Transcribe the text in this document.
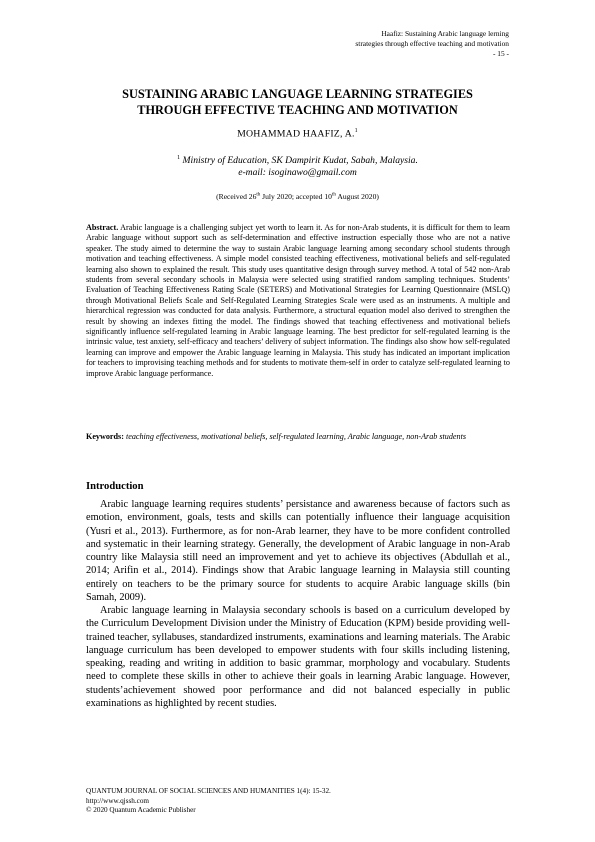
Haafiz: Sustaining Arabic language lerning
strategies through effective teaching and motivation
- 15 -
SUSTAINING ARABIC LANGUAGE LEARNING STRATEGIES
THROUGH EFFECTIVE TEACHING AND MOTIVATION
MOHAMMAD HAAFIZ, A.$^1$
$^1$ Ministry of Education, SK Dampirit Kudat, Sabah, Malaysia.
e-mail: isoginawo@gmail.com
(Received 26th July 2020; accepted 10th August 2020)
Abstract. Arabic language is a challenging subject yet worth to learn it. As for non-Arab students, it is difficult for them to learn Arabic language without support such as self-determination and effective instruction especially those who are not a native speaker. The study aimed to determine the way to sustain Arabic language learning among secondary school students through motivation and teaching effectiveness. A simple model consisted teaching effectiveness, motivational beliefs and self-regulated learning also shown to explained the result. This study uses quantitative design through survey method. A total of 542 non-Arab students from several secondary schools in Malaysia were selected using stratified random sampling techniques. Students’ Evaluation of Teaching Effectiveness Rating Scale (SETERS) and Motivational Strategies for Learning Questionnaire (MSLQ) through Motivational Beliefs Scale and Self-Regulated Learning Strategies Scale were used as an instruments. A multiple and hierarchical regression was conducted for data analysis. Furthermore, a structural equation model also derived to strengthen the result by showing an indexes fitting the model. The findings showed that teaching effectiveness and motivational beliefs significantly influence self-regulated learning in Arabic language learning. The best predictor for self-regulated learning is the intrinsic value, test anxiety, self-efficacy and teachers’ delivery of subject information. The findings also show how self-regulated learning can improve and empower the Arabic language learning in Malaysia. This study has indicated an important implication for teachers to improvising teaching methods and for students to motivate them-self in order to catalyze self-regulated learning to improve Arabic language performance.
Keywords: teaching effectiveness, motivational beliefs, self-regulated learning, Arabic language, non-Arab students
Introduction

Arabic language learning requires students’ persistance and awareness because of factors such as emotion, environment, goals, tests and skills can potentially influence their language acquisition (Yusri et al., 2013). Furthermore, as for non-Arab learner, they have to be more confident controlled and systematic in their learning strategy. Generally, the development of Arabic language in non-Arab country like Malaysia still need an improvement and yet to achieve its objectives (Abdullah et al., 2014; Arifin et al., 2014). Findings show that Arabic language learning in Malaysia still counting entirely on teachers to be the primary source for students to acquire Arabic language skills (bin Samah, 2009).

Arabic language learning in Malaysia secondary schools is based on a curriculum developed by the Curriculum Development Division under the Ministry of Education (KPM) beside providing well-trained teacher, syllabuses, standardized instruments, examinations and learning materials. The Arabic language curriculum has been developed to empower students with four skills including listening, speaking, reading and writing in addition to basic grammar, morphology and vocabulary. Students need to complete these skills in other to achieve their goals in learning Arabic language. However, students’achievement showed poor performance and did not balanced especially in public examinations as highlighted by recent studies.

QUANTUM JOURNAL OF SOCIAL SCIENCES AND HUMANITIES 1(4): 15-32.
http://www.qjssh.com
© 2020 Quantum Academic Publisher
